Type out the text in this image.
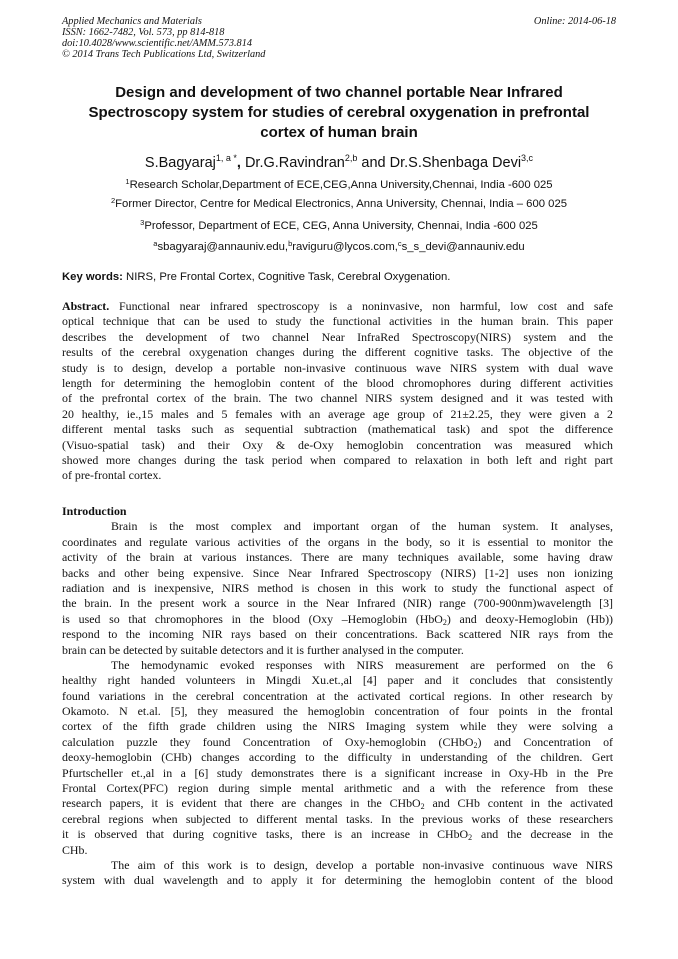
Applied Mechanics and Materials
ISSN: 1662-7482, Vol. 573, pp 814-818
doi:10.4028/www.scientific.net/AMM.573.814
© 2014 Trans Tech Publications Ltd, Switzerland
Online: 2014-06-18
Design and development of two channel portable Near Infrared
Spectroscopy system for studies of cerebral oxygenation in prefrontal
cortex of human brain
S.Bagyaraj$^{1, a *}$, Dr.G.Ravindran$^{2,b}$ and Dr.S.Shenbaga Devi$^{3,c}$
$^1$Research Scholar,Department of ECE,CEG,Anna University,Chennai, India -600 025
$^2$Former Director, Centre for Medical Electronics, Anna University, Chennai, India – 600 025
$^3$Professor, Department of ECE, CEG, Anna University, Chennai, India -600 025
$^a$sbagyaraj@annauniv.edu,$^b$raviguru@lycos.com,$^c$s_s_devi@annauniv.edu
Key words: NIRS, Pre Frontal Cortex, Cognitive Task, Cerebral Oxygenation.
Abstract. Functional near infrared spectroscopy is a noninvasive, non harmful, low cost and safe
optical technique that can be used to study the functional activities in the human brain. This paper
describes the development of two channel Near InfraRed Spectroscopy(NIRS) system and the
results of the cerebral oxygenation changes during the different cognitive tasks. The objective of the
study is to design, develop a portable non-invasive continuous wave NIRS system with dual wave
length for determining the hemoglobin content of the blood chromophores during different activities
of the prefrontal cortex of the brain. The two channel NIRS system designed and it was tested with
20 healthy, ie.,15 males and 5 females with an average age group of 21±2.25, they were given a 2
different mental tasks such as sequential subtraction (mathematical task) and spot the difference
(Visuo-spatial task) and their Oxy & de-Oxy hemoglobin concentration was measured which
showed more changes during the task period when compared to relaxation in both left and right part
of pre-frontal cortex.
Introduction
Brain is the most complex and important organ of the human system. It analyses,
coordinates and regulate various activities of the organs in the body, so it is essential to monitor the
activity of the brain at various instances. There are many techniques available, some having draw
backs and other being expensive. Since Near Infrared Spectroscopy (NIRS) [1-2] uses non ionizing
radiation and is inexpensive, NIRS method is chosen in this work to study the functional aspect of
the brain. In the present work a source in the Near Infrared (NIR) range (700-900nm)wavelength [3]
is used so that chromophores in the blood (Oxy –Hemoglobin (HbO$_2$) and deoxy-Hemoglobin (Hb))
respond to the incoming NIR rays based on their concentrations. Back scattered NIR rays from the
brain can be detected by suitable detectors and it is further analysed in the computer.
The hemodynamic evoked responses with NIRS measurement are performed on the 6
healthy right handed volunteers in Mingdi Xu.et.,al [4] paper and it concludes that consistently
found variations in the cerebral concentration at the activated cortical regions. In other research by
Okamoto. N et.al. [5], they measured the hemoglobin concentration of four points in the frontal
cortex of the fifth grade children using the NIRS Imaging system while they were solving a
calculation puzzle they found Concentration of Oxy-hemoglobin (CHbO$_2$) and Concentration of
deoxy-hemoglobin (CHb) changes according to the difficulty in understanding of the children. Gert
Pfurtscheller et.,al in a [6] study demonstrates there is a significant increase in Oxy-Hb in the Pre
Frontal Cortex(PFC) region during simple mental arithmetic and a with the reference from these
research papers, it is evident that there are changes in the CHbO$_2$ and CHb content in the activated
cerebral regions when subjected to different mental tasks. In the previous works of these researchers
it is observed that during cognitive tasks, there is an increase in CHbO$_2$ and the decrease in the
CHb.
The aim of this work is to design, develop a portable non-invasive continuous wave NIRS
system with dual wavelength and to apply it for determining the hemoglobin content of the blood
